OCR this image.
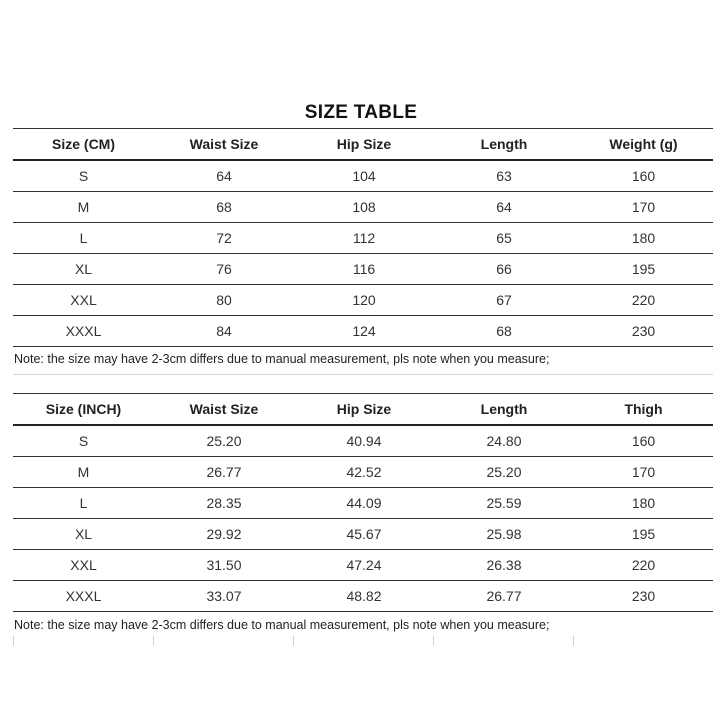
SIZE TABLE
Size (CM)	Waist Size	Hip Size	Length	Weight (g)
S	64	104	63	160
M	68	108	64	170
L	72	112	65	180
XL	76	116	66	195
XXL	80	120	67	220
XXXL	84	124	68	230
Note: the size may have 2-3cm differs due to manual measurement, pls note when you measure;
Size (INCH)	Waist Size	Hip Size	Length	Thigh
S	25.20	40.94	24.80	160
M	26.77	42.52	25.20	170
L	28.35	44.09	25.59	180
XL	29.92	45.67	25.98	195
XXL	31.50	47.24	26.38	220
XXXL	33.07	48.82	26.77	230
Note: the size may have 2-3cm differs due to manual measurement, pls note when you measure;
